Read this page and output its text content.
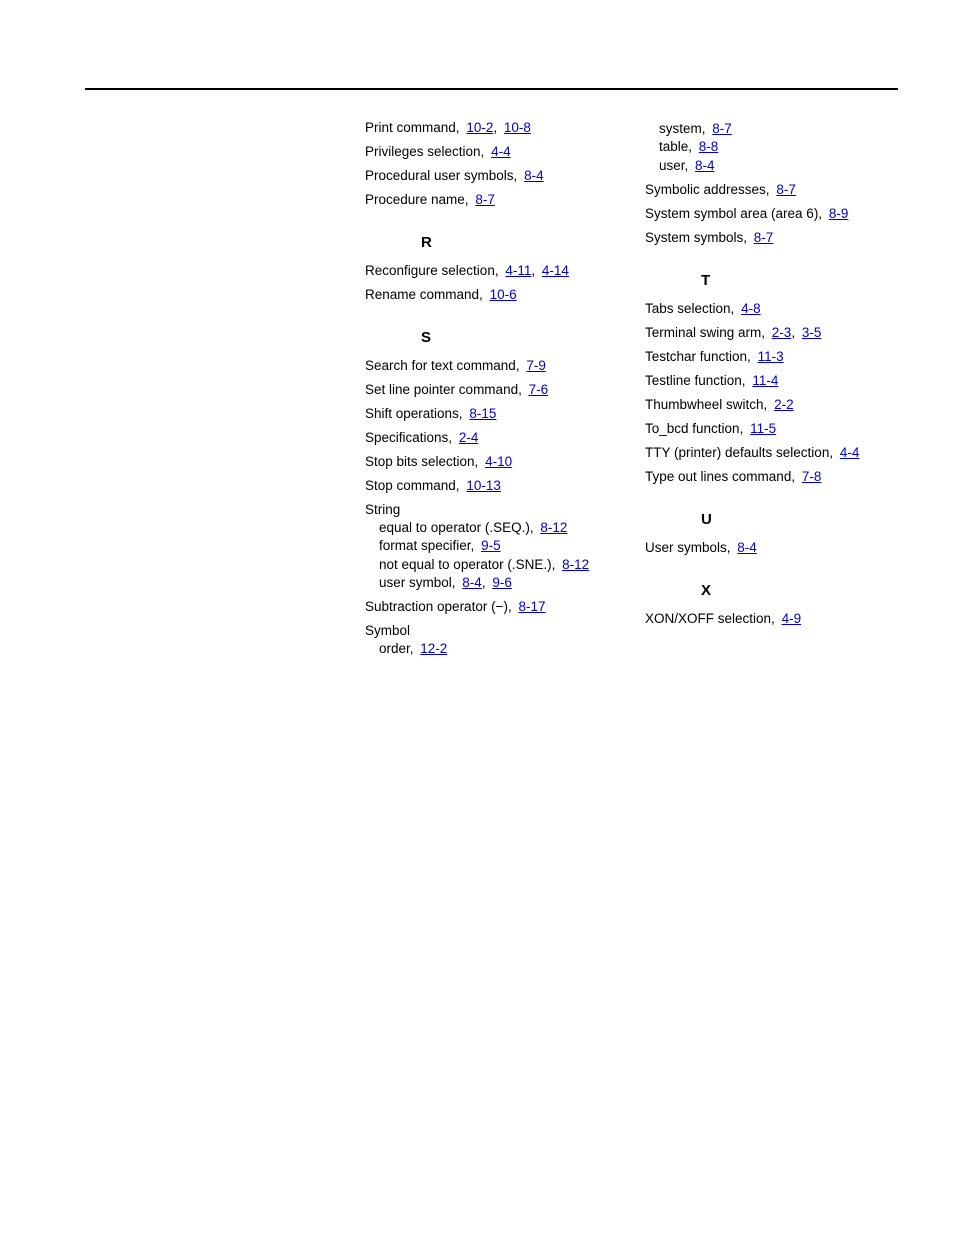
Print command, 10-2, 10-8
Privileges selection, 4-4
Procedural user symbols, 8-4
Procedure name, 8-7
R
Reconfigure selection, 4-11, 4-14
Rename command, 10-6
S
Search for text command, 7-9
Set line pointer command, 7-6
Shift operations, 8-15
Specifications, 2-4
Stop bits selection, 4-10
Stop command, 10-13
String
equal to operator (.SEQ.), 8-12
format specifier, 9-5
not equal to operator (.SNE.), 8-12
user symbol, 8-4, 9-6
Subtraction operator (−), 8-17
Symbol
order, 12-2
system, 8-7
table, 8-8
user, 8-4
Symbolic addresses, 8-7
System symbol area (area 6), 8-9
System symbols, 8-7
T
Tabs selection, 4-8
Terminal swing arm, 2-3, 3-5
Testchar function, 11-3
Testline function, 11-4
Thumbwheel switch, 2-2
To_bcd function, 11-5
TTY (printer) defaults selection, 4-4
Type out lines command, 7-8
U
User symbols, 8-4
X
XON/XOFF selection, 4-9
